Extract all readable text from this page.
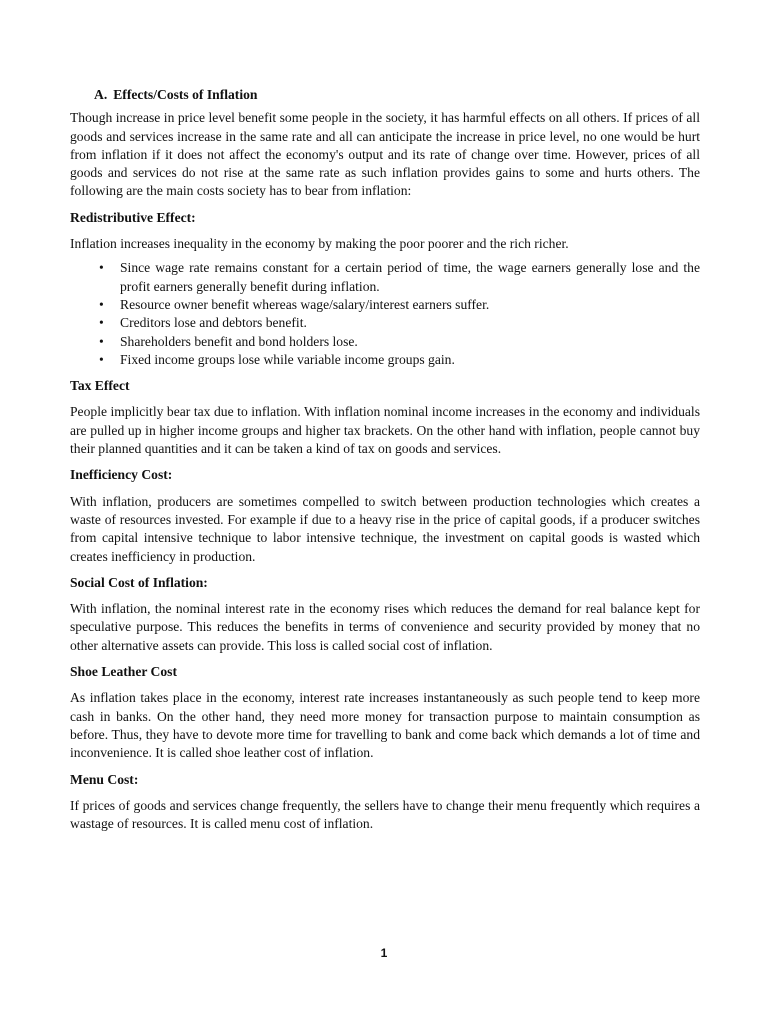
A. Effects/Costs of Inflation

Though increase in price level benefit some people in the society, it has harmful effects on all others. If prices of all goods and services increase in the same rate and all can anticipate the increase in price level, no one would be hurt from inflation if it does not affect the economy's output and its rate of change over time. However, prices of all goods and services do not rise at the same rate as such inflation provides gains to some and hurts others. The following are the main costs society has to bear from inflation:

Redistributive Effect:

Inflation increases inequality in the economy by making the poor poorer and the rich richer.

• Since wage rate remains constant for a certain period of time, the wage earners generally lose and the profit earners generally benefit during inflation.
• Resource owner benefit whereas wage/salary/interest earners suffer.
• Creditors lose and debtors benefit.
• Shareholders benefit and bond holders lose.
• Fixed income groups lose while variable income groups gain.
Tax Effect

People implicitly bear tax due to inflation. With inflation nominal income increases in the economy and individuals are pulled up in higher income groups and higher tax brackets. On the other hand with inflation, people cannot buy their planned quantities and it can be taken a kind of tax on goods and services.

Inefficiency Cost:

With inflation, producers are sometimes compelled to switch between production technologies which creates a waste of resources invested. For example if due to a heavy rise in the price of capital goods, if a producer switches from capital intensive technique to labor intensive technique, the investment on capital goods is wasted which creates inefficiency in production.

Social Cost of Inflation:

With inflation, the nominal interest rate in the economy rises which reduces the demand for real balance kept for speculative purpose. This reduces the benefits in terms of convenience and security provided by money that no other alternative assets can provide. This loss is called social cost of inflation.

Shoe Leather Cost

As inflation takes place in the economy, interest rate increases instantaneously as such people tend to keep more cash in banks. On the other hand, they need more money for transaction purpose to maintain consumption as before. Thus, they have to devote more time for travelling to bank and come back which demands a lot of time and inconvenience. It is called shoe leather cost of inflation.

Menu Cost:

If prices of goods and services change frequently, the sellers have to change their menu frequently which requires a wastage of resources. It is called menu cost of inflation.

1
